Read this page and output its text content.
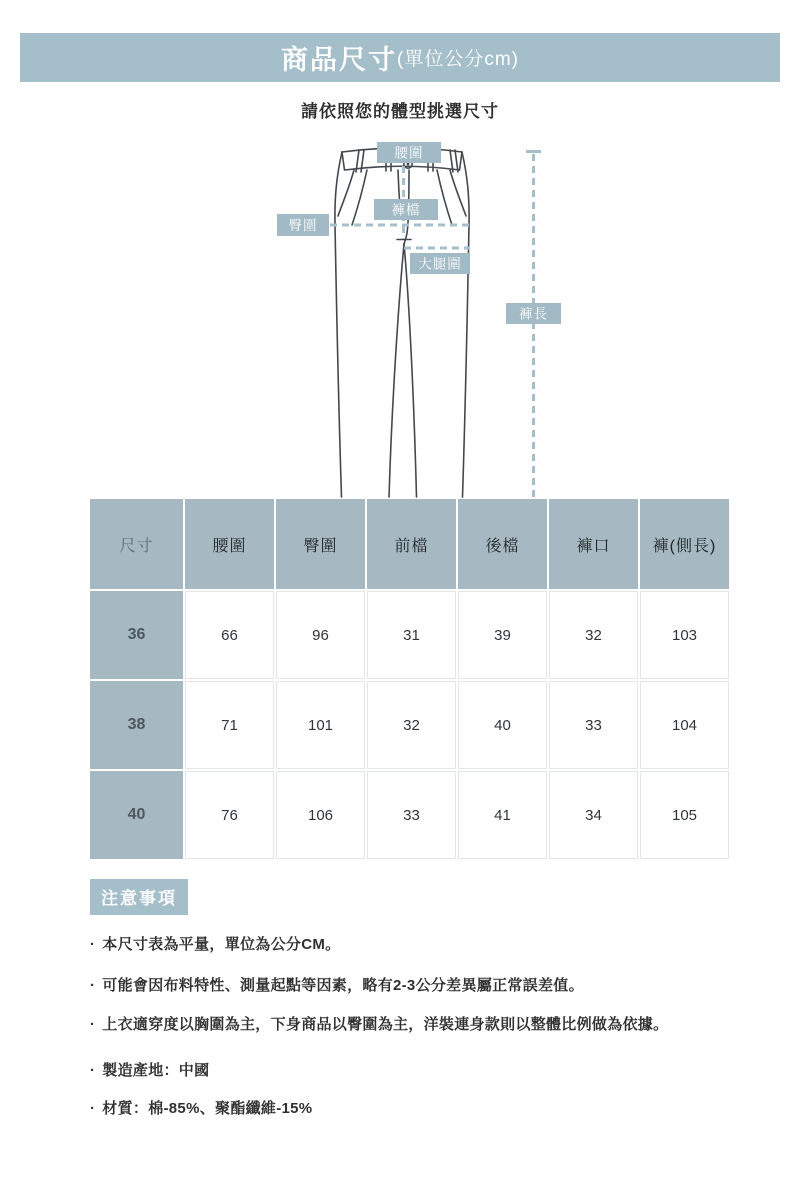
商品尺寸 (單位公分cm)
請依照您的體型挑選尺寸
腰圍
褲檔
臀圍
大腿圍
褲長
尺寸	腰圍	臀圍	前檔	後檔	褲口	褲(側長)
36	66	96	31	39	32	103
38	71	101	32	40	33	104
40	76	106	33	41	34	105
注意事項
· 本尺寸表為平量，單位為公分CM。
· 可能會因布料特性、測量起點等因素，略有2-3公分差異屬正常誤差值。
· 上衣適穿度以胸圍為主，下身商品以臀圍為主，洋裝連身款則以整體比例做為依據。
· 製造產地：中國
· 材質：棉-85%、聚酯纖維-15%
